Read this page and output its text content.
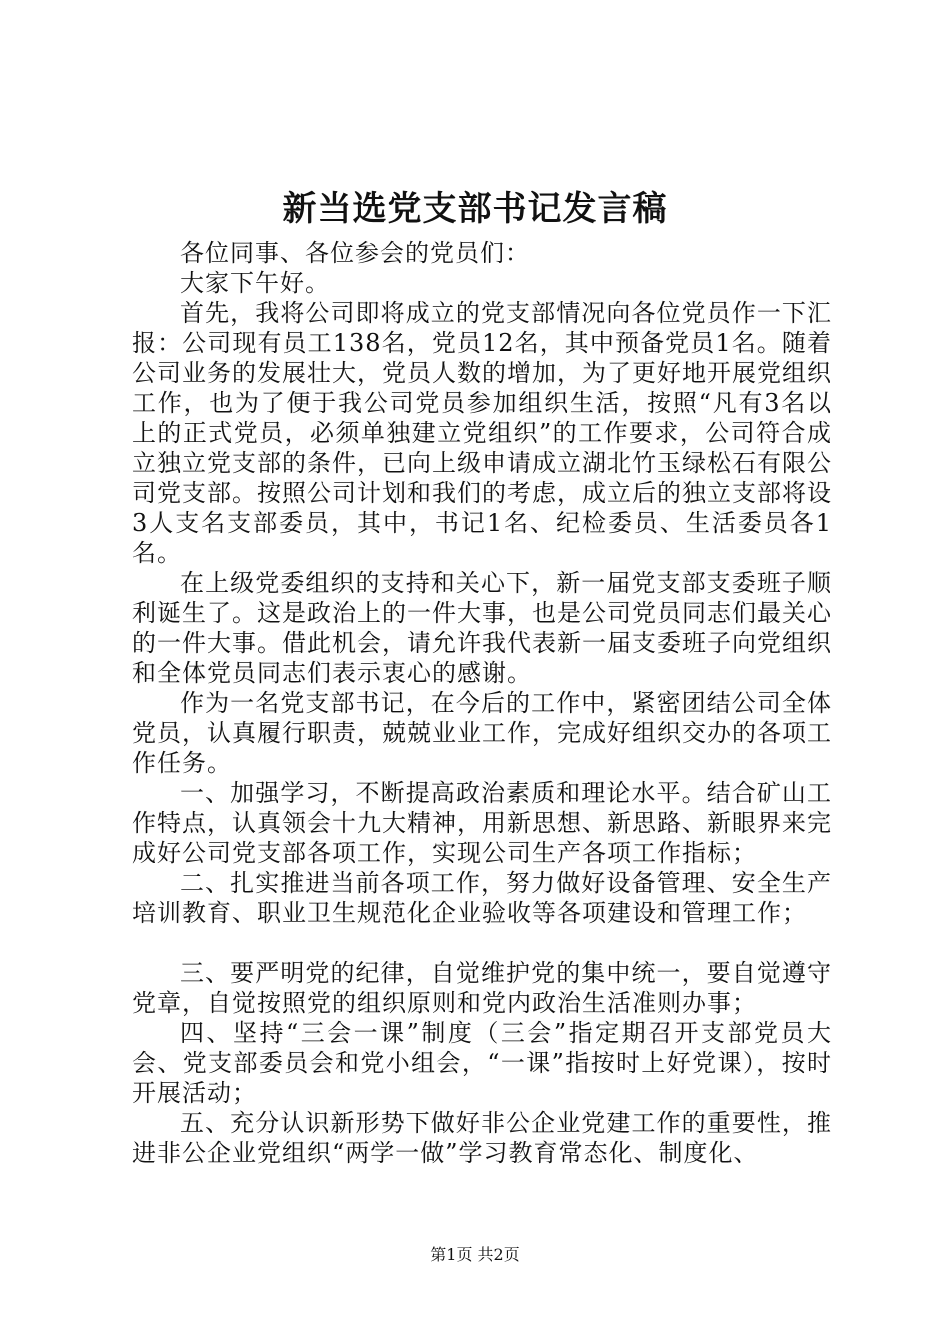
新当选党支部书记发言稿

各位同事、各位参会的党员们：

大家下午好。

首先，我将公司即将成立的党支部情况向各位党员作一下汇报：公司现有员工138名，党员12名，其中预备党员1名。随着公司业务的发展壮大，党员人数的增加，为了更好地开展党组织工作，也为了便于我公司党员参加组织生活，按照“凡有3名以上的正式党员，必须单独建立党组织”的工作要求，公司符合成立独立党支部的条件，已向上级申请成立湖北竹玉绿松石有限公司党支部。按照公司计划和我们的考虑，成立后的独立支部将设3人支名支部委员，其中，书记1名、纪检委员、生活委员各1名。

在上级党委组织的支持和关心下，新一届党支部支委班子顺利诞生了。这是政治上的一件大事，也是公司党员同志们最关心的一件大事。借此机会，请允许我代表新一届支委班子向党组织和全体党员同志们表示衷心的感谢。

作为一名党支部书记，在今后的工作中，紧密团结公司全体党员，认真履行职责，兢兢业业工作，完成好组织交办的各项工作任务。

一、加强学习，不断提高政治素质和理论水平。结合矿山工作特点，认真领会十九大精神，用新思想、新思路、新眼界来完成好公司党支部各项工作，实现公司生产各项工作指标；

二、扎实推进当前各项工作，努力做好设备管理、安全生产培训教育、职业卫生规范化企业验收等各项建设和管理工作；

三、要严明党的纪律，自觉维护党的集中统一，要自觉遵守党章，自觉按照党的组织原则和党内政治生活准则办事；

四、坚持“三会一课”制度（三会”指定期召开支部党员大会、党支部委员会和党小组会，“一课”指按时上好党课），按时开展活动；

五、充分认识新形势下做好非公企业党建工作的重要性，推进非公企业党组织“两学一做”学习教育常态化、制度化、

第1页 共2页
